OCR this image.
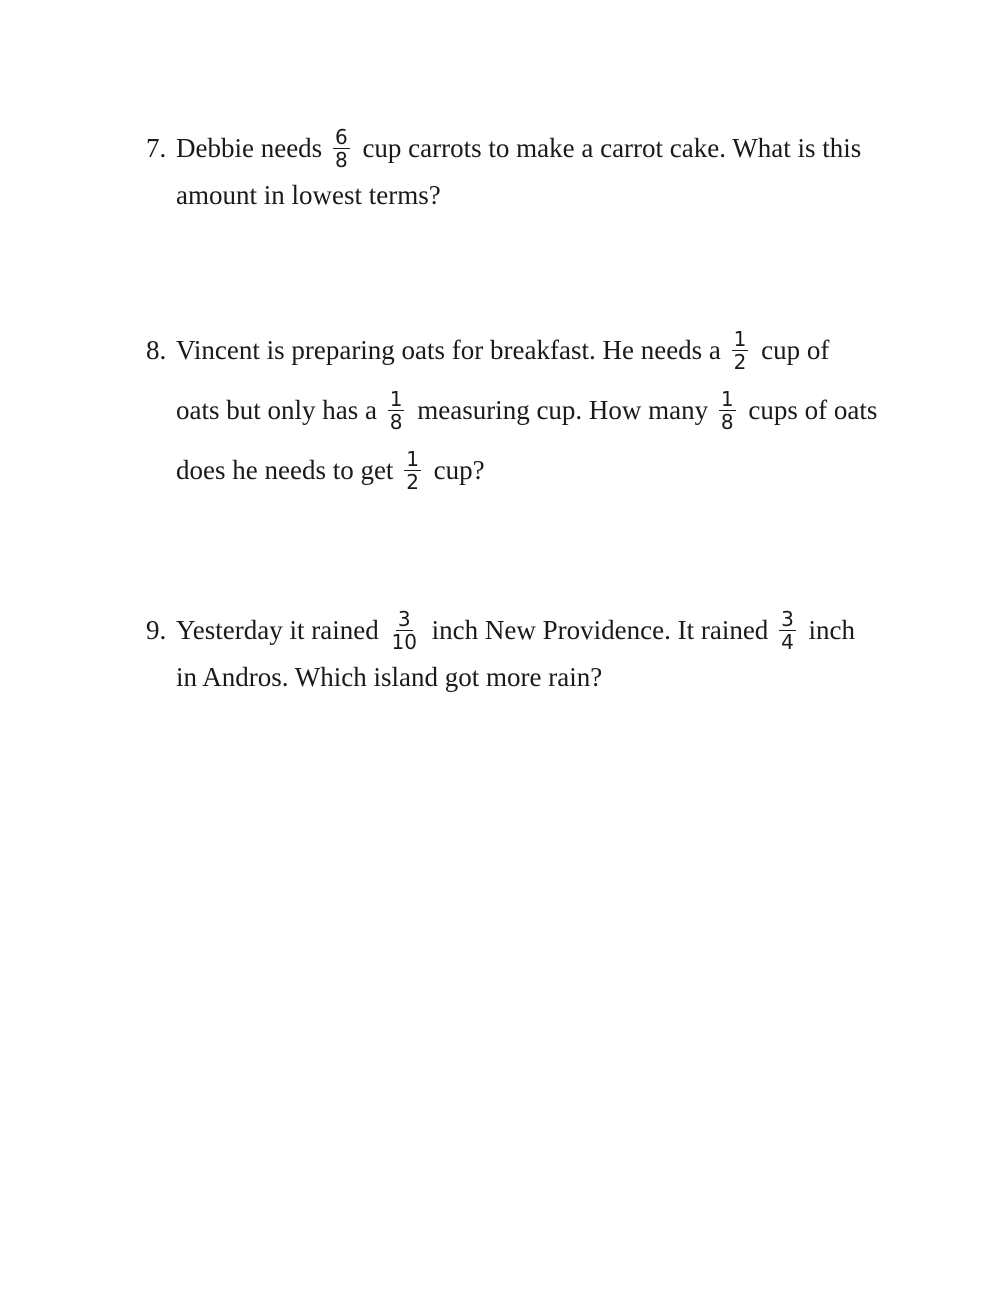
7. Debbie needs $\frac{6}{8}$ cup carrots to make a carrot cake. What is this
amount in lowest terms?
8. Vincent is preparing oats for breakfast. He needs a $\frac{1}{2}$ cup of
oats but only has a $\frac{1}{8}$ measuring cup. How many $\frac{1}{8}$ cups of oats
does he needs to get $\frac{1}{2}$ cup?
9. Yesterday it rained $\frac{3}{10}$ inch New Providence. It rained $\frac{3}{4}$ inch
in Andros. Which island got more rain?
